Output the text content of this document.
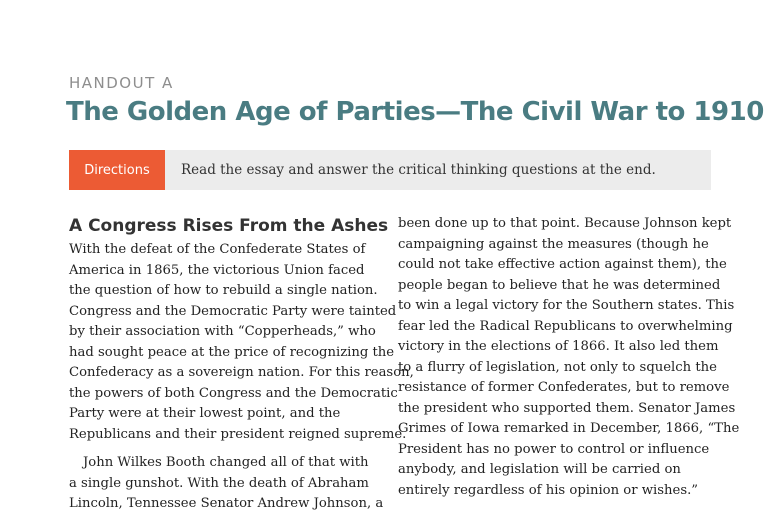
HANDOUT A
The Golden Age of Parties—The Civil War to 1910
Directions	Read the essay and answer the critical thinking questions at the end.
A Congress Rises From the Ashes
With the defeat of the Confederate States of
America in 1865, the victorious Union faced
the question of how to rebuild a single nation.
Congress and the Democratic Party were tainted
by their association with “Copperheads,” who
had sought peace at the price of recognizing the
Confederacy as a sovereign nation. For this reason,
the powers of both Congress and the Democratic
Party were at their lowest point, and the
Republicans and their president reigned supreme.
John Wilkes Booth changed all of that with
a single gunshot. With the death of Abraham
Lincoln, Tennessee Senator Andrew Johnson, a
been done up to that point. Because Johnson kept
campaigning against the measures (though he
could not take effective action against them), the
people began to believe that he was determined
to win a legal victory for the Southern states. This
fear led the Radical Republicans to overwhelming
victory in the elections of 1866. It also led them
to a flurry of legislation, not only to squelch the
resistance of former Confederates, but to remove
the president who supported them. Senator James
Grimes of Iowa remarked in December, 1866, “The
President has no power to control or influence
anybody, and legislation will be carried on
entirely regardless of his opinion or wishes.”
